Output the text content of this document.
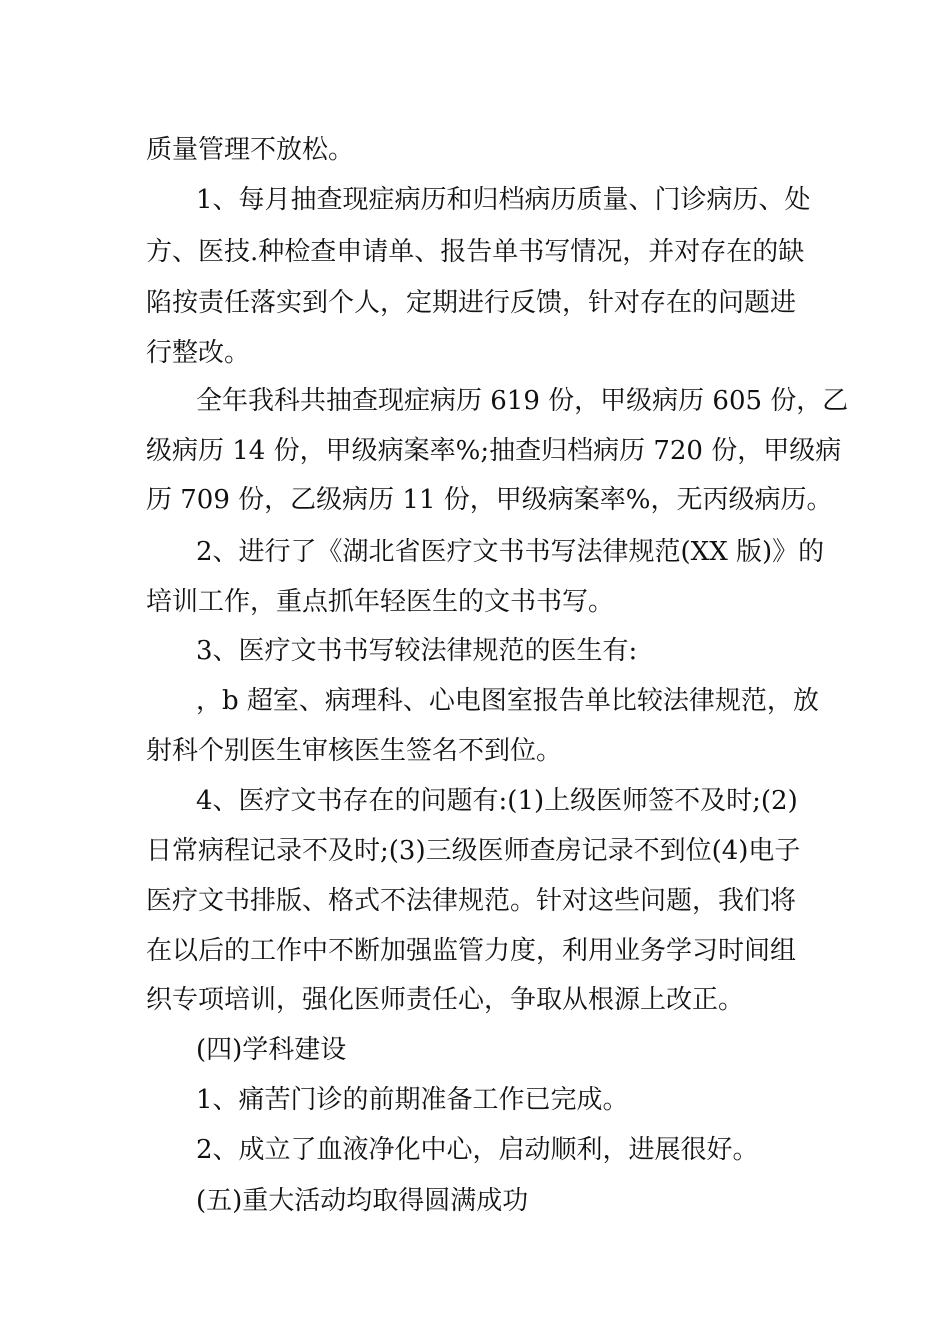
质量管理不放松。
1、每月抽查现症病历和归档病历质量、门诊病历、处
方、医技.种检查申请单、报告单书写情况，并对存在的缺
陷按责任落实到个人，定期进行反馈，针对存在的问题进
行整改。
全年我科共抽查现症病历 619 份，甲级病历 605 份，乙
级病历 14 份，甲级病案率%;抽查归档病历 720 份，甲级病
历 709 份，乙级病历 11 份，甲级病案率%，无丙级病历。
2、进行了《湖北省医疗文书书写法律规范(XX 版)》的
培训工作，重点抓年轻医生的文书书写。
3、医疗文书书写较法律规范的医生有:
，b 超室、病理科、心电图室报告单比较法律规范，放
射科个别医生审核医生签名不到位。
4、医疗文书存在的问题有:(1)上级医师签不及时;(2)
日常病程记录不及时;(3)三级医师查房记录不到位(4)电子
医疗文书排版、格式不法律规范。针对这些问题，我们将
在以后的工作中不断加强监管力度，利用业务学习时间组
织专项培训，强化医师责任心，争取从根源上改正。
(四)学科建设
1、痛苦门诊的前期准备工作已完成。
2、成立了血液净化中心，启动顺利，进展很好。
(五)重大活动均取得圆满成功
